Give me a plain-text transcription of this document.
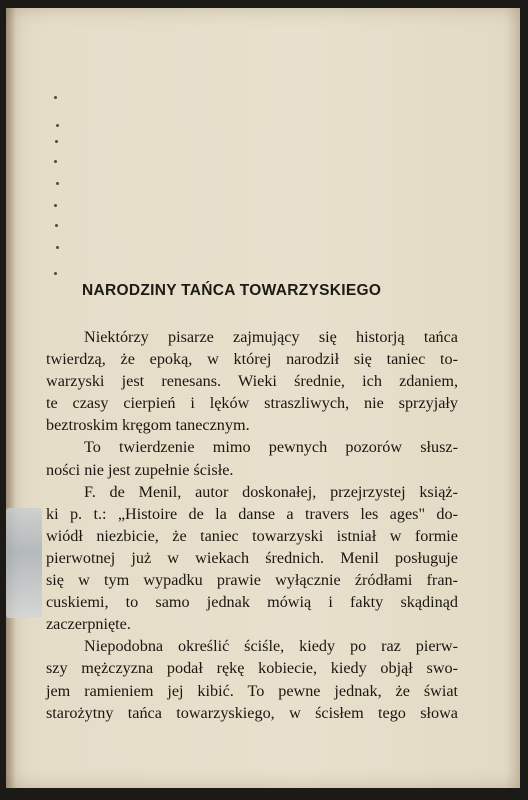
NARODZINY TAŃCA TOWARZYSKIEGO
Niektórzy pisarze zajmujący się historją tańca
twierdzą, że epoką, w której narodził się taniec to-
warzyski jest renesans. Wieki średnie, ich zdaniem,
te czasy cierpień i lęków straszliwych, nie sprzyjały
beztroskim kręgom tanecznym.
To twierdzenie mimo pewnych pozorów słusz-
ności nie jest zupełnie ścisłe.
F. de Menil, autor doskonałej, przejrzystej książ-
ki p. t.: „Histoire de la danse a travers les ages" do-
wiódł niezbicie, że taniec towarzyski istniał w formie
pierwotnej już w wiekach średnich. Menil posługuje
się w tym wypadku prawie wyłącznie źródłami fran-
cuskiemi, to samo jednak mówią i fakty skądinąd
zaczerpnięte.
Niepodobna określić ściśle, kiedy po raz pierw-
szy mężczyzna podał rękę kobiecie, kiedy objął swo-
jem ramieniem jej kibić. To pewne jednak, że świat
starożytny tańca towarzyskiego, w ścisłem tego słowa
